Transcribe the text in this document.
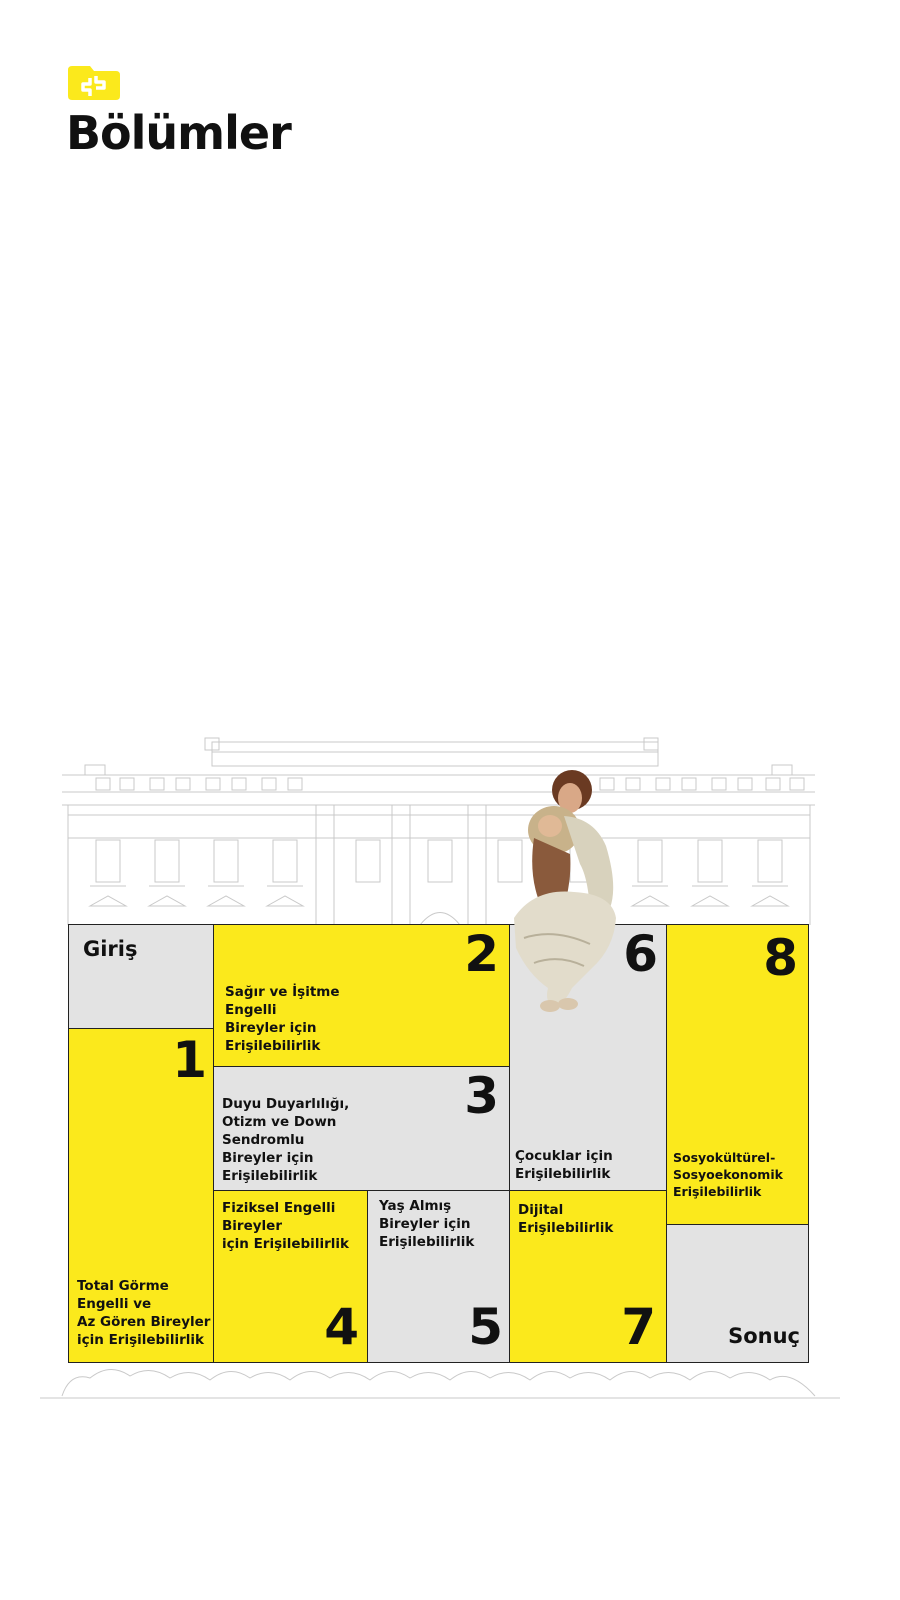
Bölümler
Giriş
1
Total Görme
Engelli ve
Az Gören Bireyler
için Erişilebilirlik
2
Sağır ve İşitme
Engelli
Bireyler için
Erişilebilirlik
3
Duyu Duyarlılığı,
Otizm ve Down
Sendromlu
Bireyler için
Erişilebilirlik
Fiziksel Engelli
Bireyler
için Erişilebilirlik
4
Yaş Almış
Bireyler için
Erişilebilirlik
5
6
Çocuklar için
Erişilebilirlik
Dijital
Erişilebilirlik
7
8
Sosyokültürel-
Sosyoekonomik
Erişilebilirlik
Sonuç
